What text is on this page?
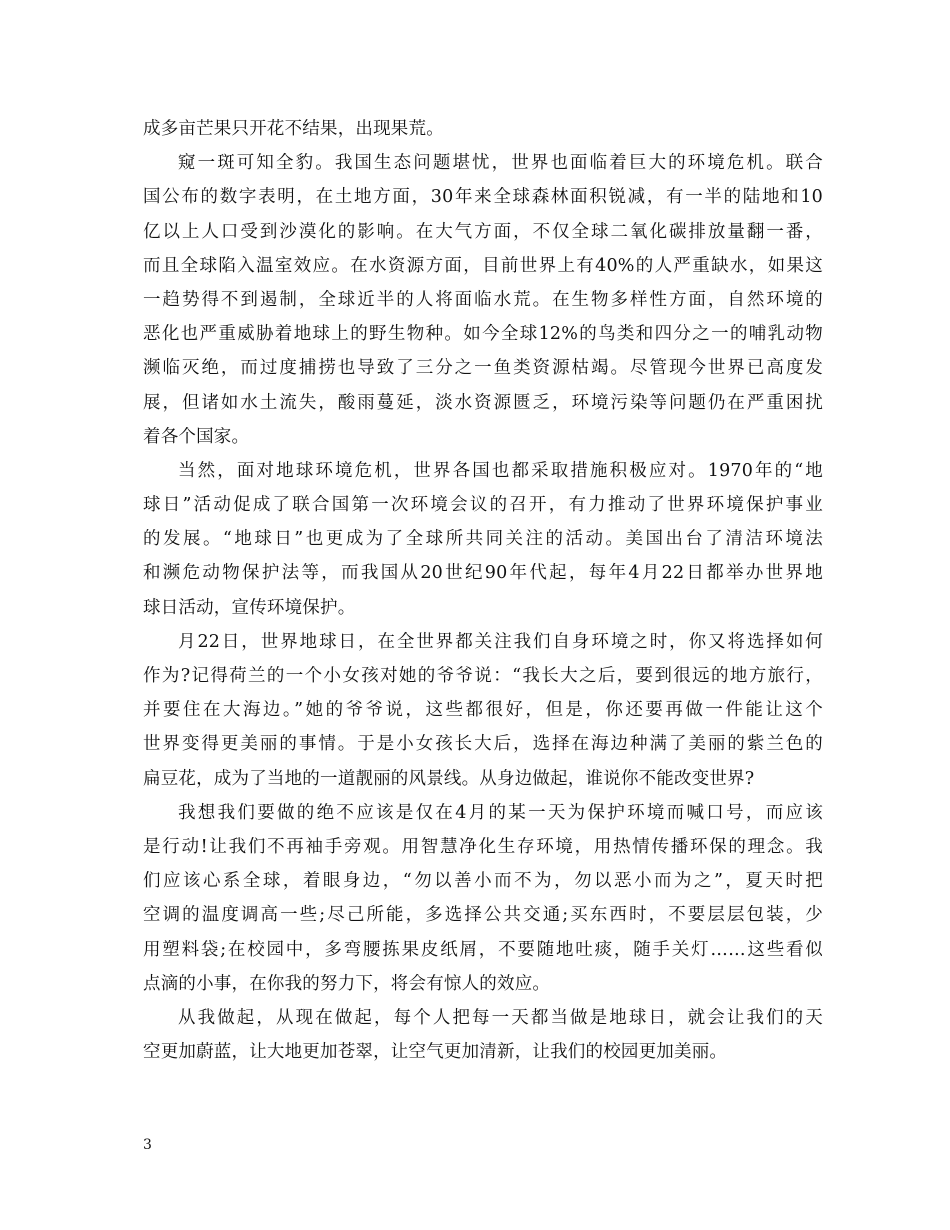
成多亩芒果只开花不结果，出现果荒。
窥一斑可知全豹。我国生态问题堪忧，世界也面临着巨大的环境危机。联合
国公布的数字表明，在土地方面，30年来全球森林面积锐减，有一半的陆地和10
亿以上人口受到沙漠化的影响。在大气方面，不仅全球二氧化碳排放量翻一番，
而且全球陷入温室效应。在水资源方面，目前世界上有40%的人严重缺水，如果这
一趋势得不到遏制，全球近半的人将面临水荒。在生物多样性方面，自然环境的
恶化也严重威胁着地球上的野生物种。如今全球12%的鸟类和四分之一的哺乳动物
濒临灭绝，而过度捕捞也导致了三分之一鱼类资源枯竭。尽管现今世界已高度发
展，但诸如水土流失，酸雨蔓延，淡水资源匮乏，环境污染等问题仍在严重困扰
着各个国家。
当然，面对地球环境危机，世界各国也都采取措施积极应对。1970年的“地
球日”活动促成了联合国第一次环境会议的召开，有力推动了世界环境保护事业
的发展。“地球日”也更成为了全球所共同关注的活动。美国出台了清洁环境法
和濒危动物保护法等，而我国从20世纪90年代起，每年4月22日都举办世界地
球日活动，宣传环境保护。
月22日，世界地球日，在全世界都关注我们自身环境之时，你又将选择如何
作为?记得荷兰的一个小女孩对她的爷爷说：“我长大之后，要到很远的地方旅行，
并要住在大海边。”她的爷爷说，这些都很好，但是，你还要再做一件能让这个
世界变得更美丽的事情。于是小女孩长大后，选择在海边种满了美丽的紫兰色的
扁豆花，成为了当地的一道靓丽的风景线。从身边做起，谁说你不能改变世界?
我想我们要做的绝不应该是仅在4月的某一天为保护环境而喊口号，而应该
是行动!让我们不再袖手旁观。用智慧净化生存环境，用热情传播环保的理念。我
们应该心系全球，着眼身边，“勿以善小而不为，勿以恶小而为之”，夏天时把
空调的温度调高一些;尽己所能，多选择公共交通;买东西时，不要层层包装，少
用塑料袋;在校园中，多弯腰拣果皮纸屑，不要随地吐痰，随手关灯……这些看似
点滴的小事，在你我的努力下，将会有惊人的效应。
从我做起，从现在做起，每个人把每一天都当做是地球日，就会让我们的天
空更加蔚蓝，让大地更加苍翠，让空气更加清新，让我们的校园更加美丽。
3
